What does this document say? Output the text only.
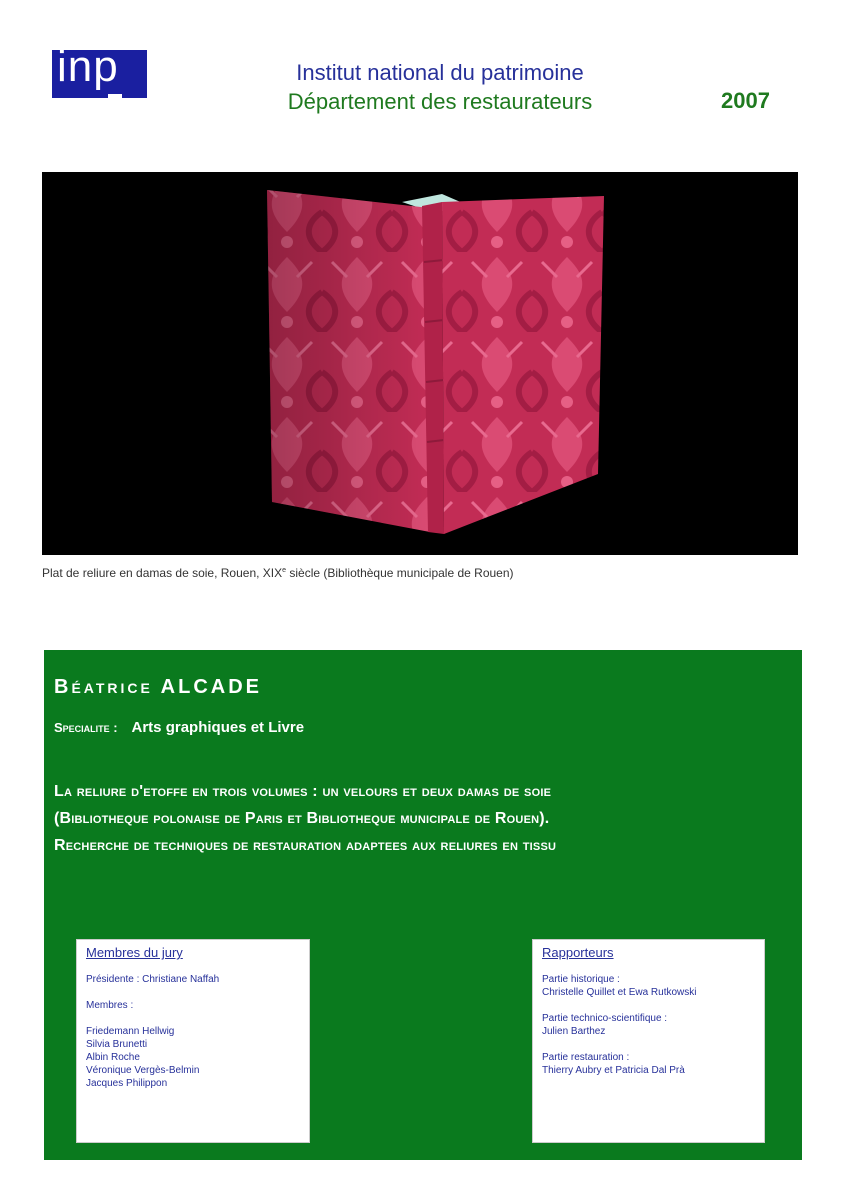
inp	Institut national du patrimoine
Département des restaurateurs	2007
Plat de reliure en damas de soie, Rouen, XIXe siècle (Bibliothèque municipale de Rouen)
Béatrice ALCADE
Specialite : Arts graphiques et Livre
La reliure d'etoffe en trois volumes : un velours et deux damas de soie
(Bibliotheque polonaise de Paris et Bibliotheque municipale de Rouen).
Recherche de techniques de restauration adaptees aux reliures en tissu
Membres du jury

Présidente : Christiane Naffah

Membres :

Friedemann Hellwig

Silvia Brunetti

Albin Roche

Véronique Vergès-Belmin

Jacques Philippon

Rapporteurs

Partie historique :

Christelle Quillet et Ewa Rutkowski

Partie technico-scientifique :

Julien Barthez

Partie restauration :

Thierry Aubry et Patricia Dal Prà
